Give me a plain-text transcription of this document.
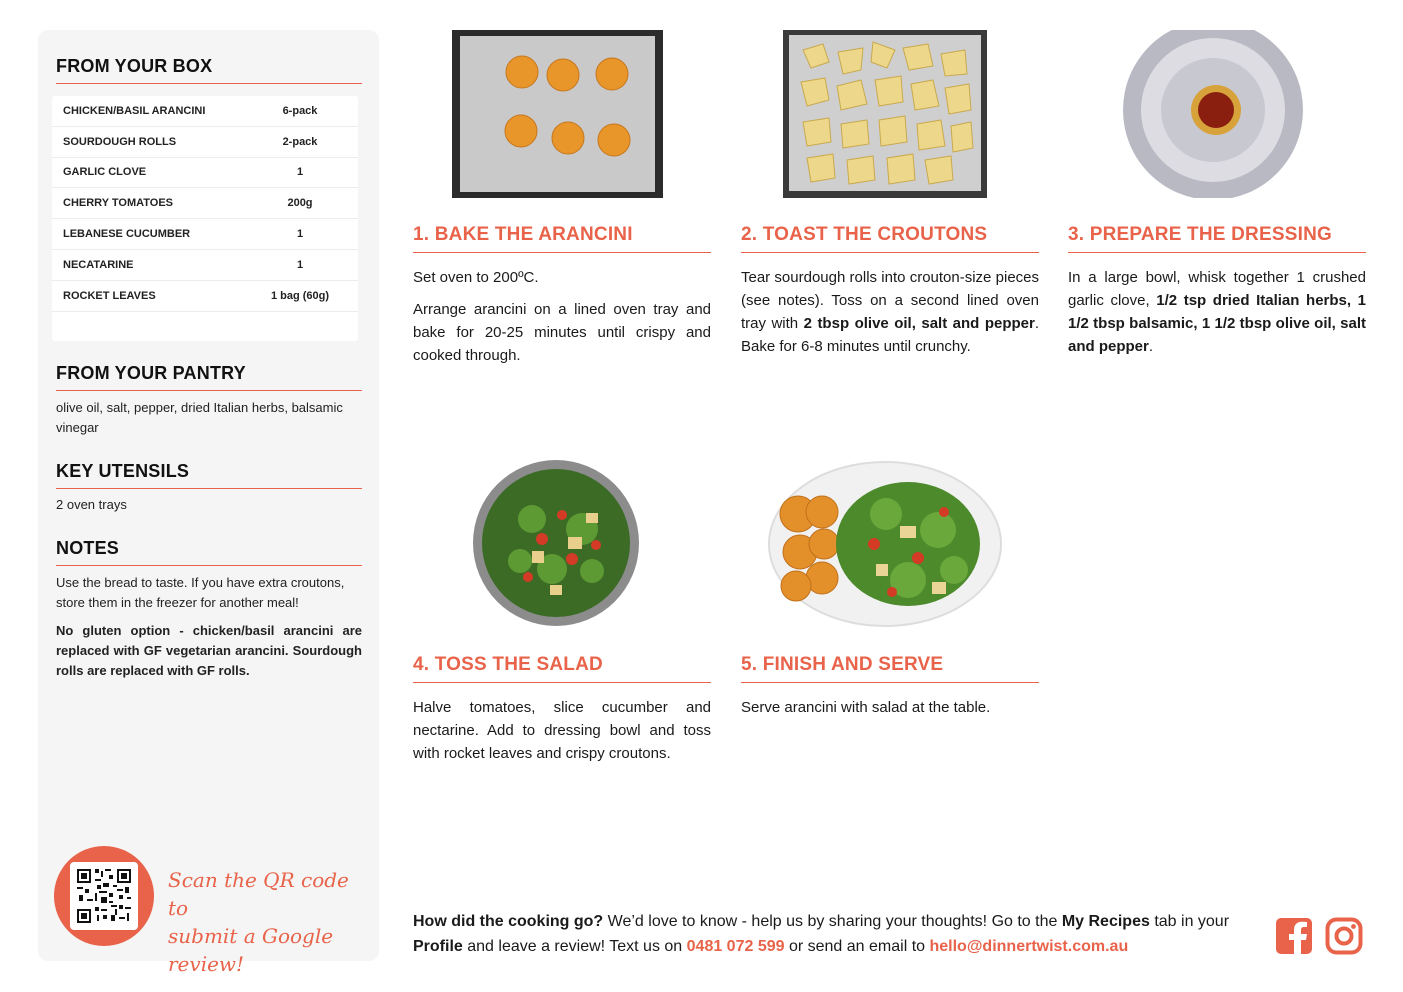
FROM YOUR BOX
CHICKEN/BASIL ARANCINI	6-pack
SOURDOUGH ROLLS	2-pack
GARLIC CLOVE	1
CHERRY TOMATOES	200g
LEBANESE CUCUMBER	1
NECATARINE	1
ROCKET LEAVES	1 bag (60g)
FROM YOUR PANTRY
olive oil, salt, pepper, dried Italian herbs, balsamic vinegar
KEY UTENSILS
2 oven trays
NOTES
Use the bread to taste. If you have extra croutons, store them in the freezer for another meal!
No gluten option - chicken/basil arancini are replaced with GF vegetarian arancini. Sourdough rolls are replaced with GF rolls.
Scan the QR code to
submit a Google review!
1. BAKE THE ARANCINI

Set oven to 200ºC.

Arrange arancini on a lined oven tray and bake for 20-25 minutes until crispy and cooked through.

2. TOAST THE CROUTONS

Tear sourdough rolls into crouton-size pieces (see notes). Toss on a second lined oven tray with 2 tbsp olive oil, salt and pepper. Bake for 6-8 minutes until crunchy.

3. PREPARE THE DRESSING

In a large bowl, whisk together 1 crushed garlic clove, 1/2 tsp dried Italian herbs, 1 1/2 tbsp balsamic, 1 1/2 tbsp olive oil, salt and pepper.

4. TOSS THE SALAD

Halve tomatoes, slice cucumber and nectarine. Add to dressing bowl and toss with rocket leaves and crispy croutons.

5. FINISH AND SERVE

Serve arancini with salad at the table.

How did the cooking go? We’d love to know - help us by sharing your thoughts! Go to the My Recipes tab in your Profile and leave a review! Text us on 0481 072 599 or send an email to hello@dinnertwist.com.au
